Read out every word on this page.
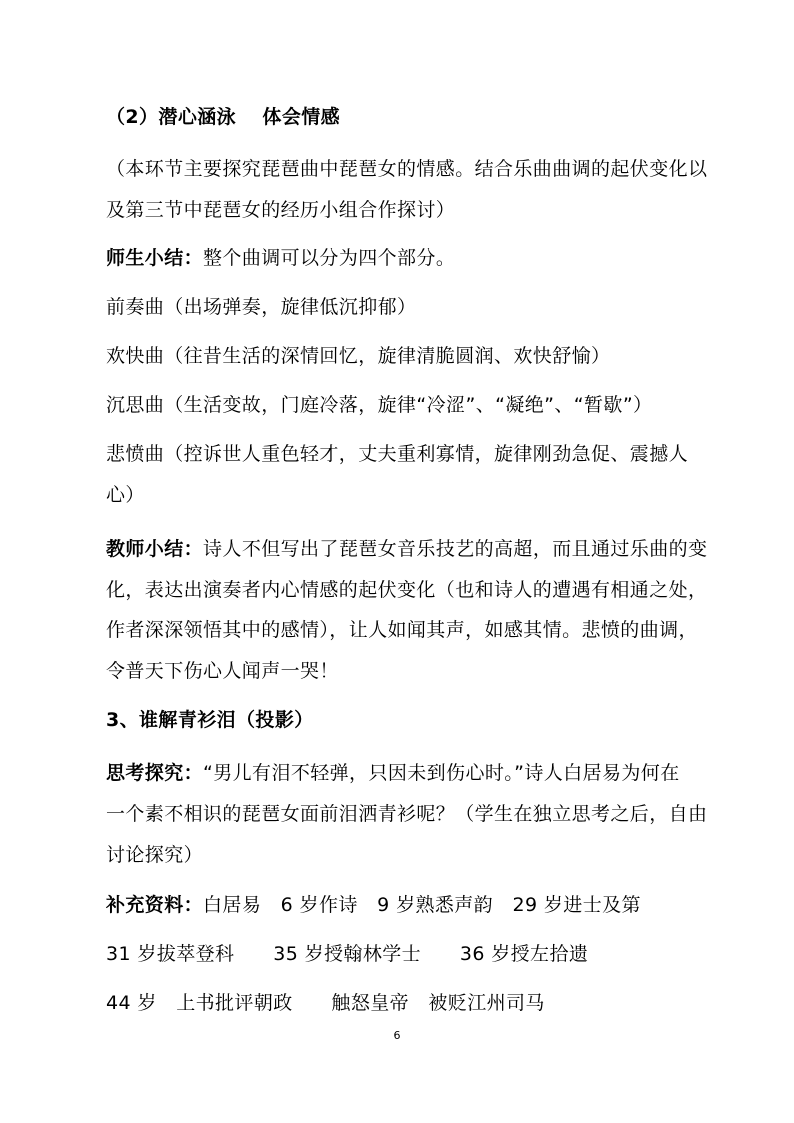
（2）潜心涵泳　 体会情感
（本环节主要探究琵琶曲中琵琶女的情感。结合乐曲曲调的起伏变化以
及第三节中琵琶女的经历小组合作探讨）
师生小结：整个曲调可以分为四个部分。
前奏曲（出场弹奏，旋律低沉抑郁）
欢快曲（往昔生活的深情回忆，旋律清脆圆润、欢快舒愉）
沉思曲（生活变故，门庭冷落，旋律“冷涩”、“凝绝”、“暂歇”）
悲愤曲（控诉世人重色轻才，丈夫重利寡情，旋律刚劲急促、震撼人
心）
教师小结：诗人不但写出了琵琶女音乐技艺的高超，而且通过乐曲的变
化，表达出演奏者内心情感的起伏变化（也和诗人的遭遇有相通之处，
作者深深领悟其中的感情），让人如闻其声，如感其情。悲愤的曲调，
令普天下伤心人闻声一哭！
3、谁解青衫泪（投影）
思考探究：“男儿有泪不轻弹，只因未到伤心时。”诗人白居易为何在
一个素不相识的琵琶女面前泪洒青衫呢？（学生在独立思考之后，自由
讨论探究）
补充资料：白居易　6 岁作诗　9 岁熟悉声韵　29 岁进士及第
31 岁拔萃登科　　35 岁授翰林学士　　36 岁授左拾遗
44 岁　上书批评朝政　　触怒皇帝　被贬江州司马
6
